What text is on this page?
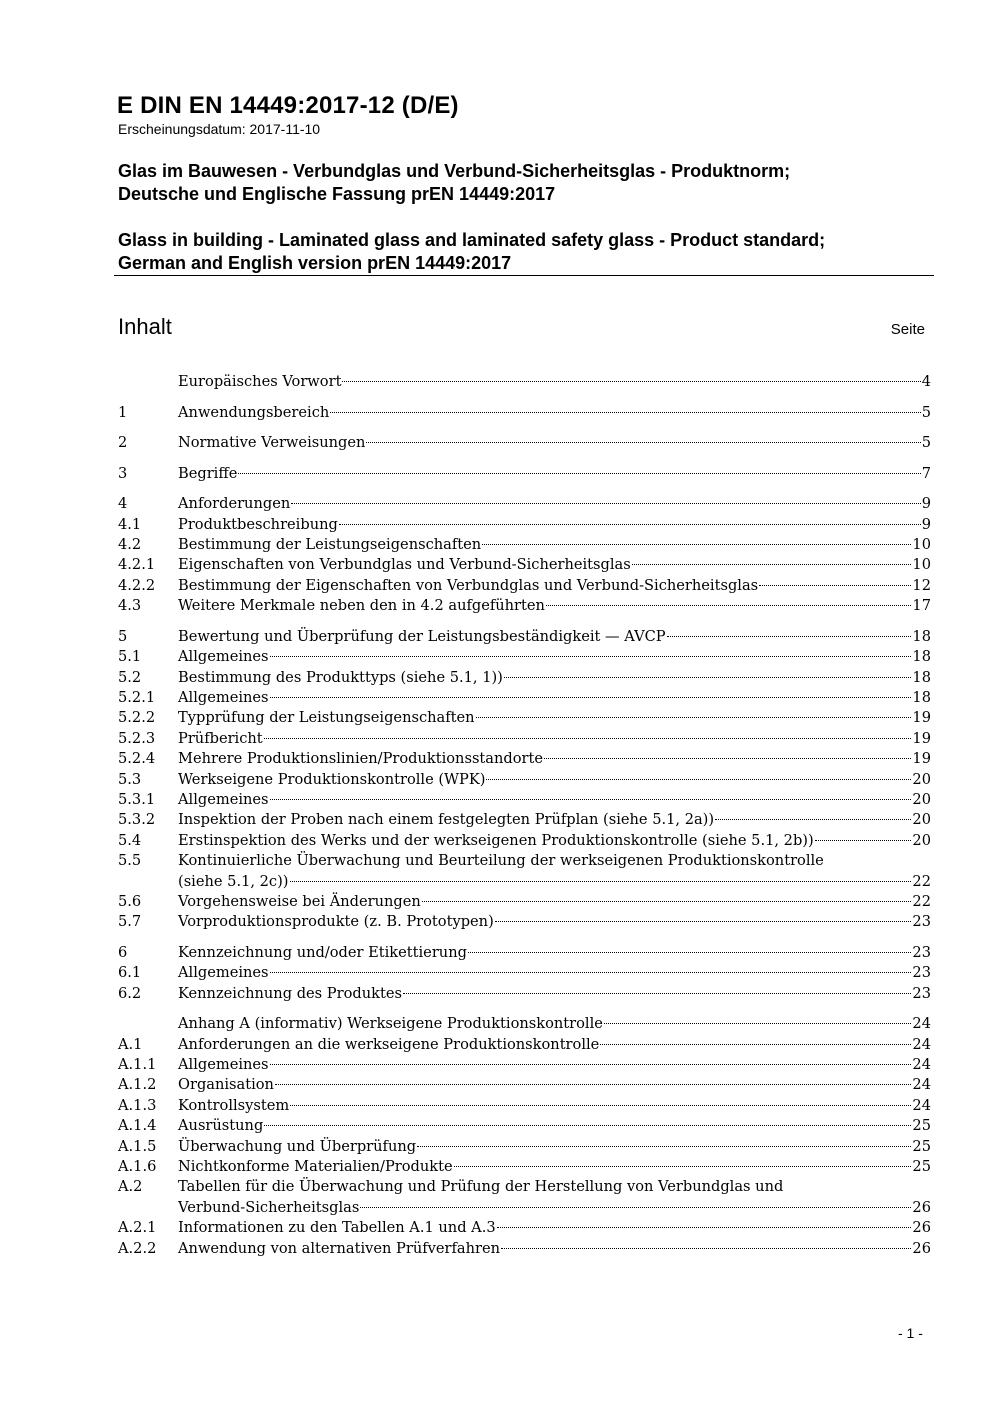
E DIN EN 14449:2017-12 (D/E)
Erscheinungsdatum: 2017-11-10
Glas im Bauwesen - Verbundglas und Verbund-Sicherheitsglas - Produktnorm;
Deutsche und Englische Fassung prEN 14449:2017
Glass in building - Laminated glass and laminated safety glass - Product standard;
German and English version prEN 14449:2017
Inhalt	Seite
Europäisches Vorwort	4
1	Anwendungsbereich	5
2	Normative Verweisungen	5
3	Begriffe	7
4	Anforderungen	9
4.1	Produktbeschreibung	9
4.2	Bestimmung der Leistungseigenschaften	10
4.2.1	Eigenschaften von Verbundglas und Verbund-Sicherheitsglas	10
4.2.2	Bestimmung der Eigenschaften von Verbundglas und Verbund-Sicherheitsglas	12
4.3	Weitere Merkmale neben den in 4.2 aufgeführten	17
5	Bewertung und Überprüfung der Leistungsbeständigkeit — AVCP	18
5.1	Allgemeines	18
5.2	Bestimmung des Produkttyps (siehe 5.1, 1))	18
5.2.1	Allgemeines	18
5.2.2	Typprüfung der Leistungseigenschaften	19
5.2.3	Prüfbericht	19
5.2.4	Mehrere Produktionslinien/Produktionsstandorte	19
5.3	Werkseigene Produktionskontrolle (WPK)	20
5.3.1	Allgemeines	20
5.3.2	Inspektion der Proben nach einem festgelegten Prüfplan (siehe 5.1, 2a))	20
5.4	Erstinspektion des Werks und der werkseigenen Produktionskontrolle (siehe 5.1, 2b))	20
5.5	Kontinuierliche Überwachung und Beurteilung der werkseigenen Produktionskontrolle
(siehe 5.1, 2c))	22
5.6	Vorgehensweise bei Änderungen	22
5.7	Vorproduktionsprodukte (z. B. Prototypen)	23
6	Kennzeichnung und/oder Etikettierung	23
6.1	Allgemeines	23
6.2	Kennzeichnung des Produktes	23
Anhang A (informativ) Werkseigene Produktionskontrolle	24
A.1	Anforderungen an die werkseigene Produktionskontrolle	24
A.1.1	Allgemeines	24
A.1.2	Organisation	24
A.1.3	Kontrollsystem	24
A.1.4	Ausrüstung	25
A.1.5	Überwachung und Überprüfung	25
A.1.6	Nichtkonforme Materialien/Produkte	25
A.2	Tabellen für die Überwachung und Prüfung der Herstellung von Verbundglas und
Verbund-Sicherheitsglas	26
A.2.1	Informationen zu den Tabellen A.1 und A.3	26
A.2.2	Anwendung von alternativen Prüfverfahren	26
- 1 -
